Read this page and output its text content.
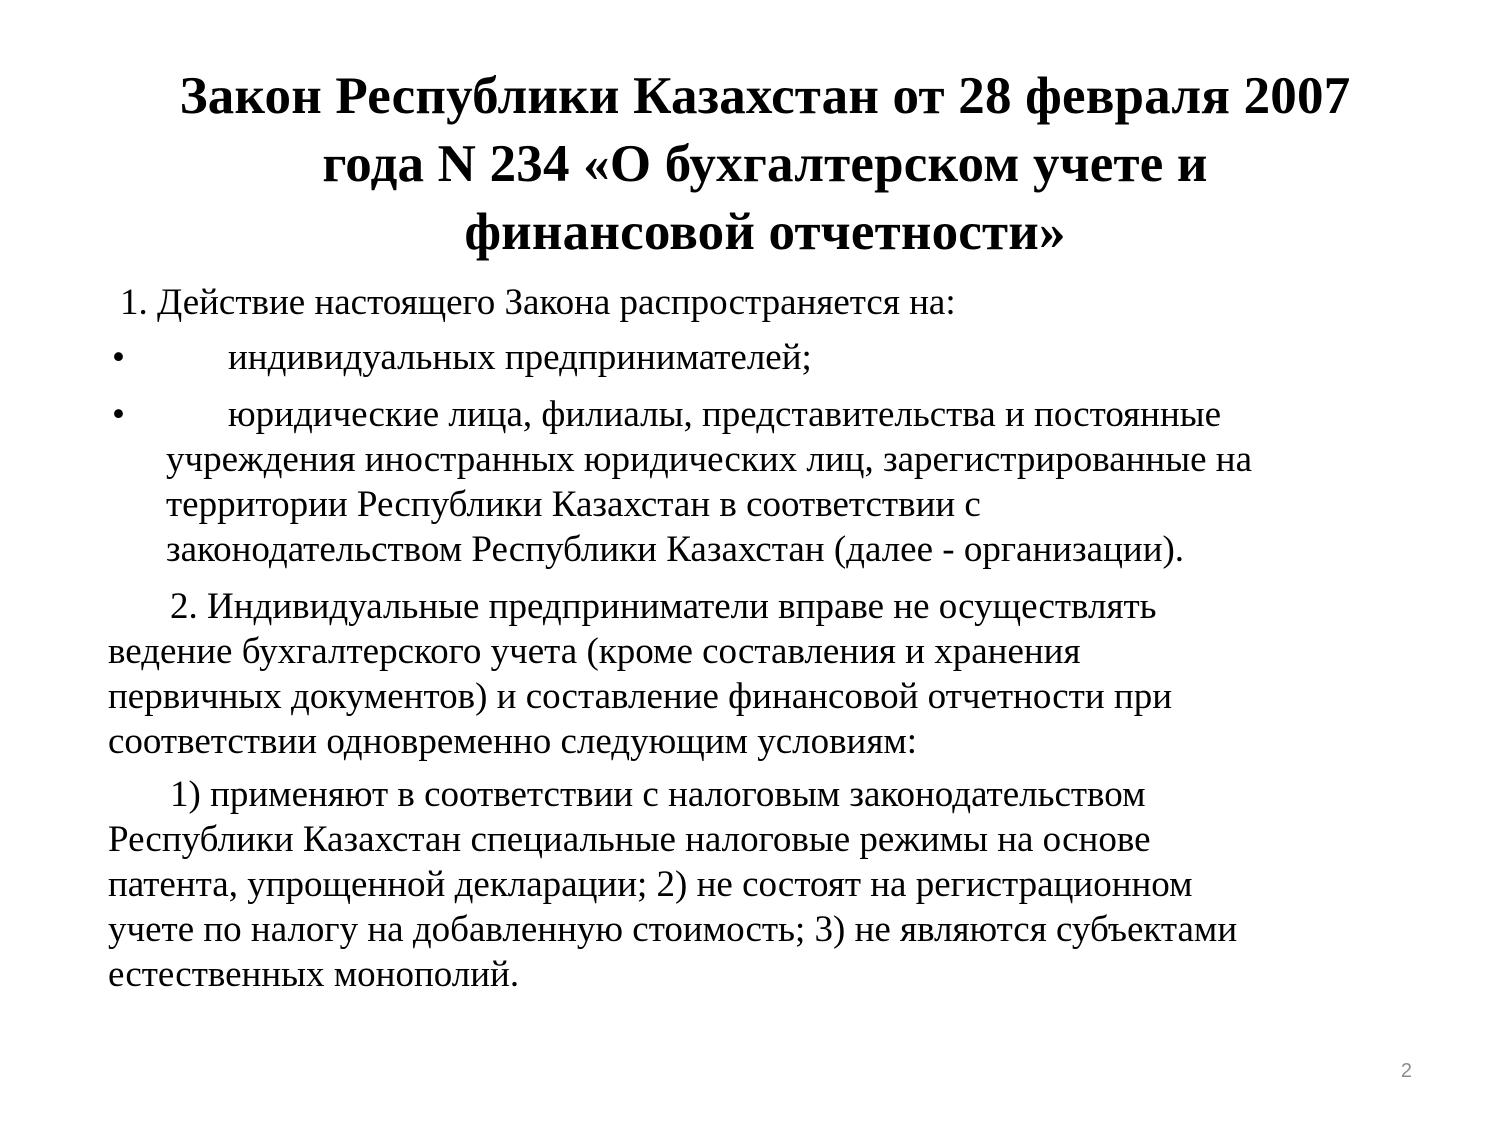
Закон Республики Казахстан от 28 февраля 2007
года N 234 «О бухгалтерском учете и
финансовой отчетности»

1. Действие настоящего Закона распространяется на:

•	индивидуальных предпринимателей;
•	юридические лица, филиалы, представительства и постоянные
учреждения иностранных юридических лиц, зарегистрированные на
территории Республики Казахстан в соответствии с
законодательством Республики Казахстан (далее - организации).

2. Индивидуальные предприниматели вправе не осуществлять
ведение бухгалтерского учета (кроме составления и хранения
первичных документов) и составление финансовой отчетности при
соответствии одновременно следующим условиям:

1) применяют в соответствии с налоговым законодательством
Республики Казахстан специальные налоговые режимы на основе
патента, упрощенной декларации; 2) не состоят на регистрационном
учете по налогу на добавленную стоимость; 3) не являются субъектами
естественных монополий.

2
